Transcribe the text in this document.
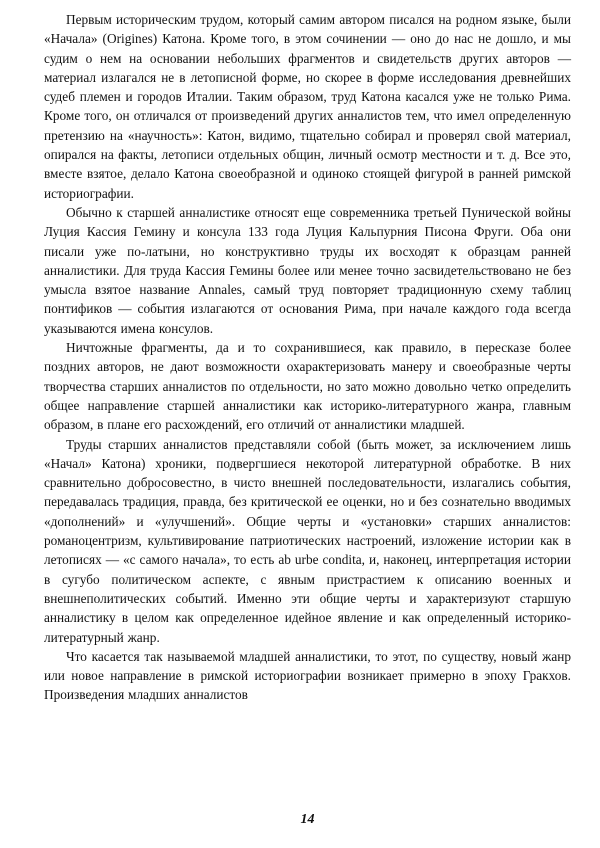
Первым историческим трудом, который самим автором писался на родном языке, были «Начала» (Origines) Катона. Кроме того, в этом сочинении — оно до нас не дошло, и мы судим о нем на основании небольших фрагментов и свидетельств других авторов — материал излагался не в летописной форме, но скорее в форме исследования древнейших судеб племен и городов Италии. Таким образом, труд Катона касался уже не только Рима. Кроме того, он отличался от произведений других анналистов тем, что имел определенную претензию на «научность»: Катон, видимо, тщательно собирал и проверял свой материал, опирался на факты, летописи отдельных общин, личный осмотр местности и т. д. Все это, вместе взятое, делало Катона своеобразной и одиноко стоящей фигурой в ранней римской историографии.

Обычно к старшей анналистике относят еще современника третьей Пунической войны Луция Кассия Гемину и консула 133 года Луция Кальпурния Писона Фруги. Оба они писали уже по-латыни, но конструктивно труды их восходят к образцам ранней анналистики. Для труда Кассия Гемины более или менее точно засвидетельствовано не без умысла взятое название Annales, самый труд повторяет традиционную схему таблиц понтификов — события излагаются от основания Рима, при начале каждого года всегда указываются имена консулов.

Ничтожные фрагменты, да и то сохранившиеся, как правило, в пересказе более поздних авторов, не дают возможности охарактеризовать манеру и своеобразные черты творчества старших анналистов по отдельности, но зато можно довольно четко определить общее направление старшей анналистики как историко-литературного жанра, главным образом, в плане его расхождений, его отличий от анналистики младшей.

Труды старших анналистов представляли собой (быть может, за исключением лишь «Начал» Катона) хроники, подвергшиеся некоторой литературной обработке. В них сравнительно добросовестно, в чисто внешней последовательности, излагались события, передавалась традиция, правда, без критической ее оценки, но и без сознательно вводимых «дополнений» и «улучшений». Общие черты и «установки» старших анналистов: романоцентризм, культивирование патриотических настроений, изложение истории как в летописях — «с самого начала», то есть ab urbe condita, и, наконец, интерпретация истории в сугубо политическом аспекте, с явным пристрастием к описанию военных и внешнеполитических событий. Именно эти общие черты и характеризуют старшую анналистику в целом как определенное идейное явление и как определенный историко-литературный жанр.

Что касается так называемой младшей анналистики, то этот, по существу, новый жанр или новое направление в римской историографии возникает примерно в эпоху Гракхов. Произведения младших анналистов

14
